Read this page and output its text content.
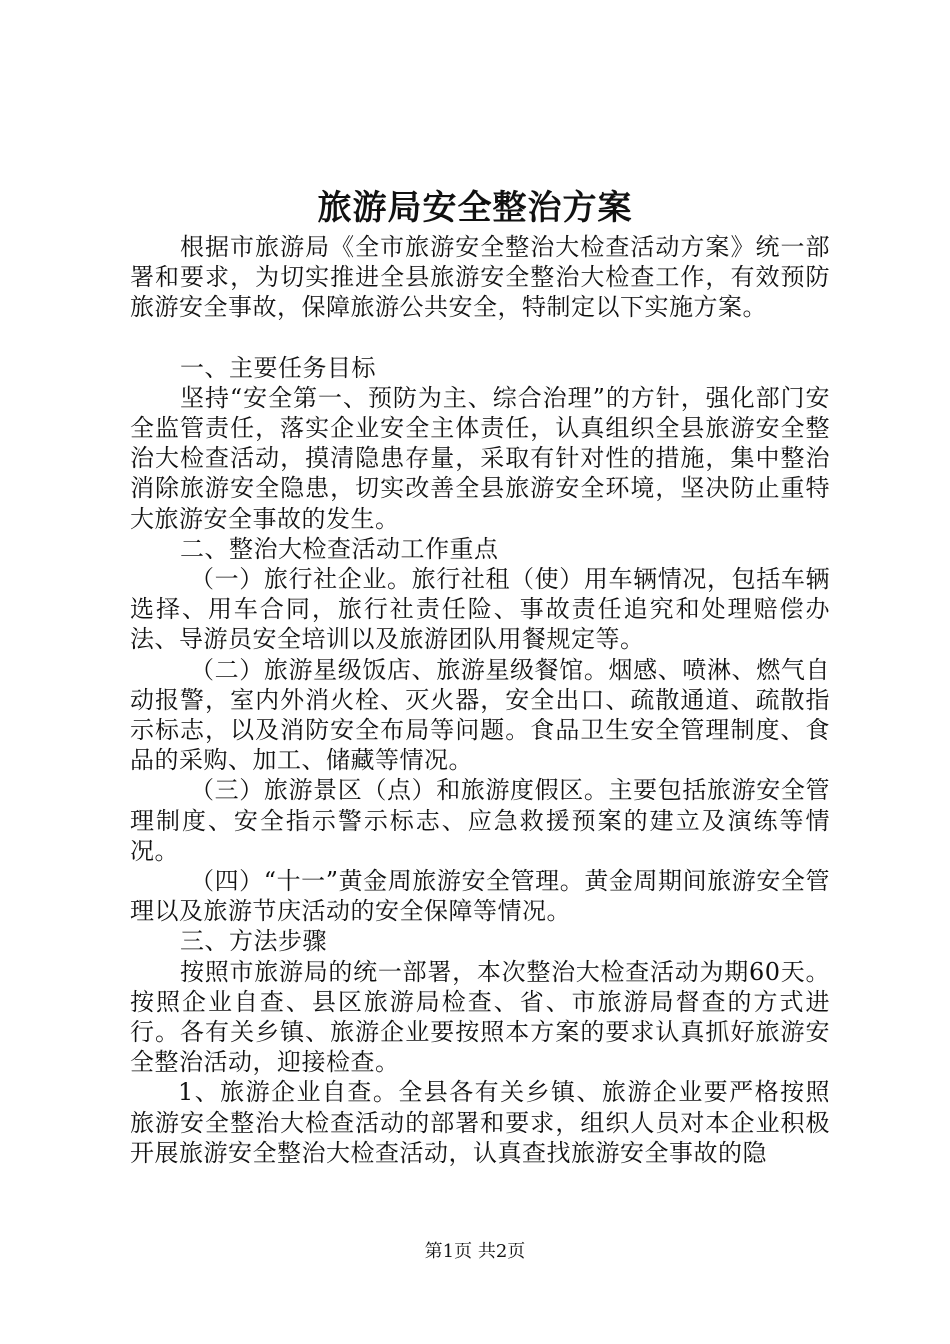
旅游局安全整治方案

根据市旅游局《全市旅游安全整治大检查活动方案》统一部署和要求，为切实推进全县旅游安全整治大检查工作，有效预防旅游安全事故，保障旅游公共安全，特制定以下实施方案。

一、主要任务目标

坚持“安全第一、预防为主、综合治理”的方针，强化部门安全监管责任，落实企业安全主体责任，认真组织全县旅游安全整治大检查活动，摸清隐患存量，采取有针对性的措施，集中整治消除旅游安全隐患，切实改善全县旅游安全环境，坚决防止重特大旅游安全事故的发生。

二、整治大检查活动工作重点

（一）旅行社企业。旅行社租（使）用车辆情况，包括车辆选择、用车合同，旅行社责任险、事故责任追究和处理赔偿办法、导游员安全培训以及旅游团队用餐规定等。

（二）旅游星级饭店、旅游星级餐馆。烟感、喷淋、燃气自动报警，室内外消火栓、灭火器，安全出口、疏散通道、疏散指示标志，以及消防安全布局等问题。食品卫生安全管理制度、食品的采购、加工、储藏等情况。

（三）旅游景区（点）和旅游度假区。主要包括旅游安全管理制度、安全指示警示标志、应急救援预案的建立及演练等情况。

（四）“十一”黄金周旅游安全管理。黄金周期间旅游安全管理以及旅游节庆活动的安全保障等情况。

三、方法步骤

按照市旅游局的统一部署，本次整治大检查活动为期60天。按照企业自查、县区旅游局检查、省、市旅游局督查的方式进行。各有关乡镇、旅游企业要按照本方案的要求认真抓好旅游安全整治活动，迎接检查。

1、旅游企业自查。全县各有关乡镇、旅游企业要严格按照旅游安全整治大检查活动的部署和要求，组织人员对本企业积极开展旅游安全整治大检查活动，认真查找旅游安全事故的隐

第1页 共2页
